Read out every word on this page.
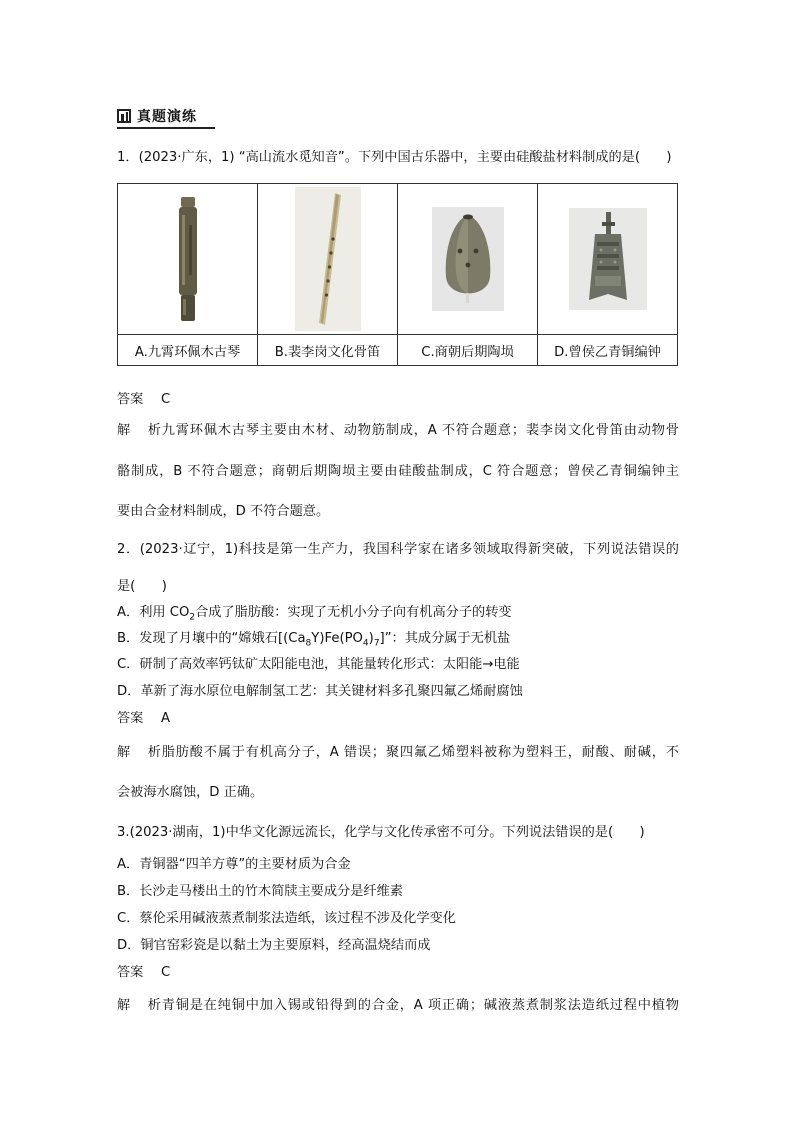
真题演练
1．(2023·广东，1) “高山流水觅知音”。下列中国古乐器中，主要由硅酸盐材料制成的是(　　)

A.九霄环佩木古琴	B.裴李岗文化骨笛	C.商朝后期陶埙	D.曾侯乙青铜编钟
答案 C
解析九霄环佩木古琴主要由木材、动物筋制成，A 不符合题意；裴李岗文化骨笛由动物骨
骼制成，B 不符合题意；商朝后期陶埙主要由硅酸盐制成，C 符合题意；曾侯乙青铜编钟主
要由合金材料制成，D 不符合题意。
2．(2023·辽宁，1)科技是第一生产力，我国科学家在诸多领域取得新突破，下列说法错误的
是(　　)
A．利用 $CO_2$合成了脂肪酸：实现了无机小分子向有机高分子的转变
B．发现了月壤中的“嫦娥石$[(Ca_8Y)Fe(PO_4)_7]$”：其成分属于无机盐
C．研制了高效率钙钛矿太阳能电池，其能量转化形式：太阳能→电能
D．革新了海水原位电解制氢工艺：其关键材料多孔聚四氟乙烯耐腐蚀
答案 A
解析脂肪酸不属于有机高分子，A 错误；聚四氟乙烯塑料被称为塑料王，耐酸、耐碱，不
会被海水腐蚀，D 正确。
3.(2023·湖南，1)中华文化源远流长，化学与文化传承密不可分。下列说法错误的是(　　)
A．青铜器“四羊方尊”的主要材质为合金
B．长沙走马楼出土的竹木简牍主要成分是纤维素
C．蔡伦采用碱液蒸煮制浆法造纸，该过程不涉及化学变化
D．铜官窑彩瓷是以黏土为主要原料，经高温烧结而成
答案 C
解析青铜是在纯铜中加入锡或铅得到的合金，A 项正确；碱液蒸煮制浆法造纸过程中植物
